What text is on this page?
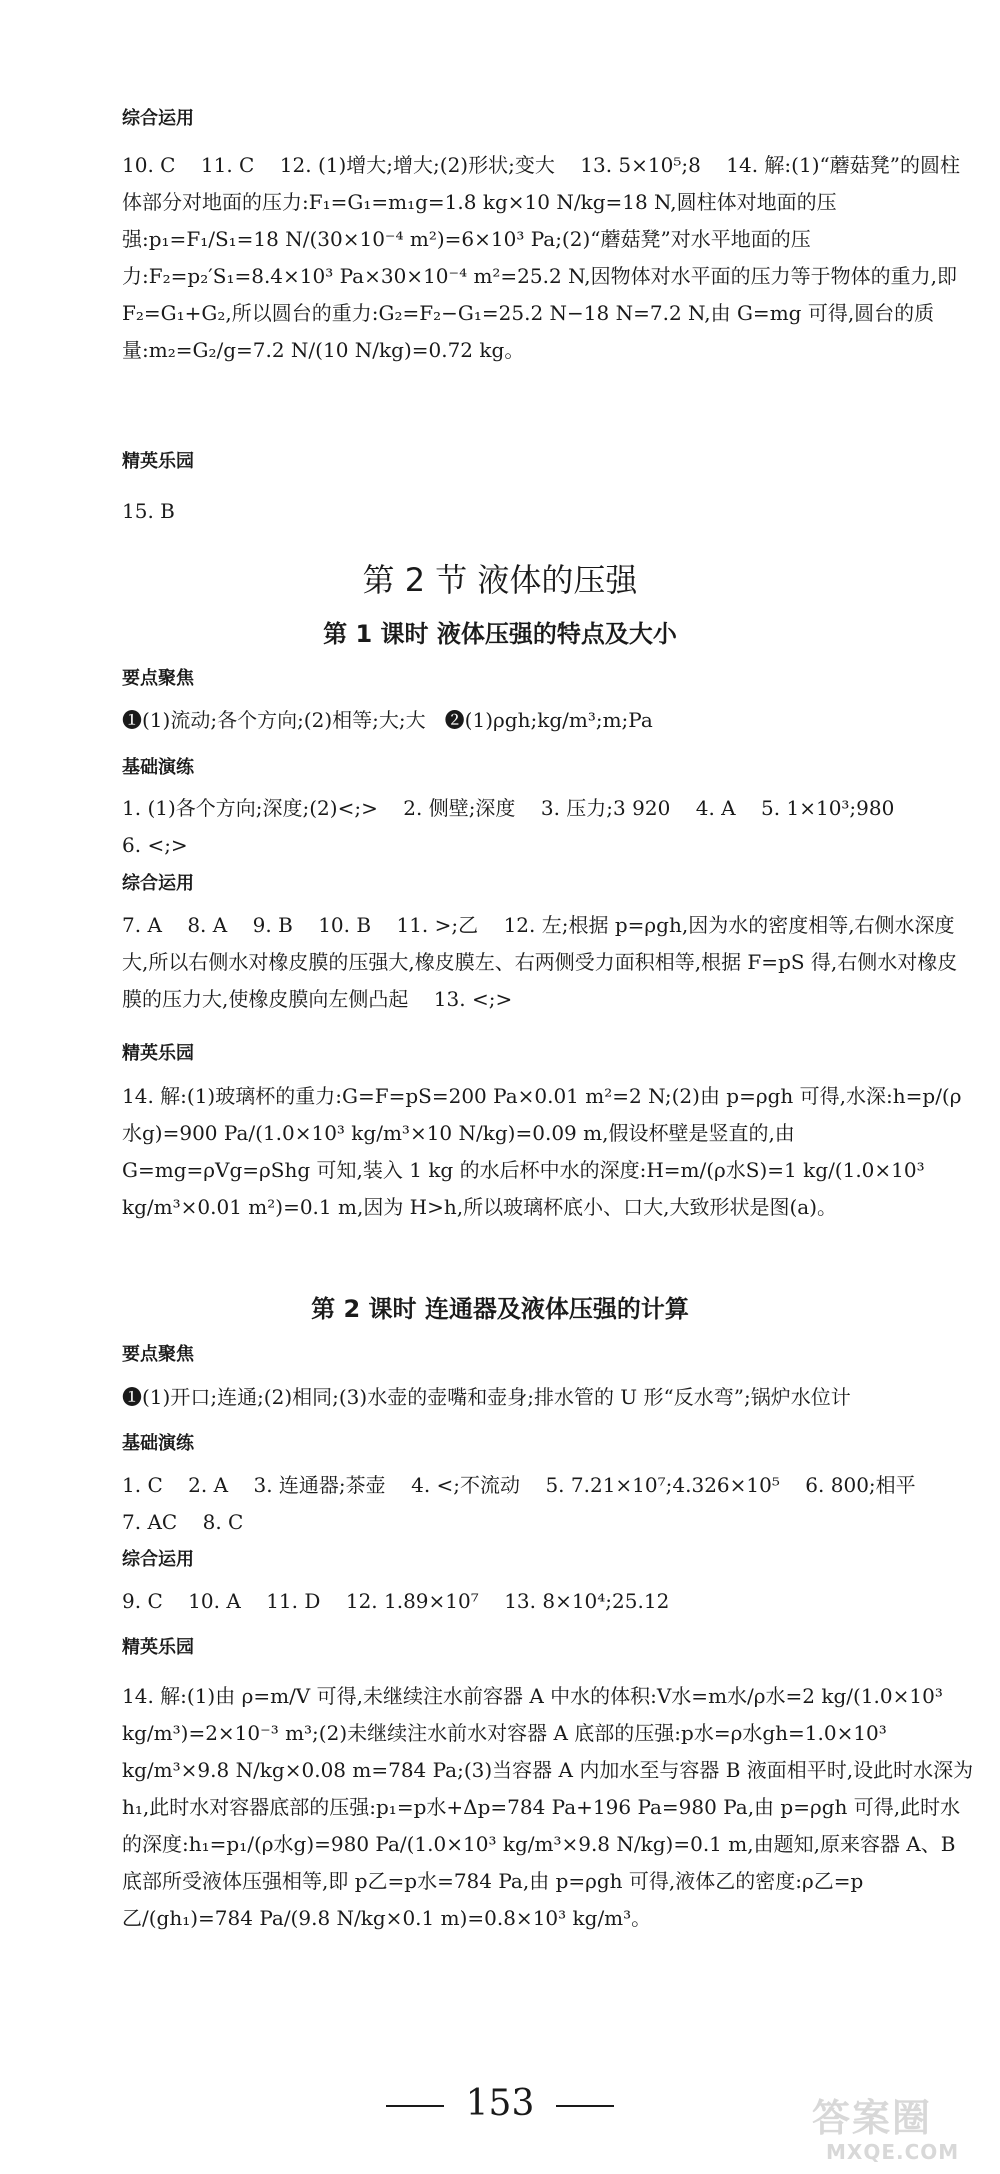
综合运用
10. C    11. C    12. (1)增大;增大;(2)形状;变大    13. 5×10⁵;8    14. 解:(1)“蘑菇凳”的圆柱体部分对地面的压力:F₁=G₁=m₁g=1.8 kg×10 N/kg=18 N,圆柱体对地面的压强:p₁=F₁/S₁=18 N/(30×10⁻⁴ m²)=6×10³ Pa;(2)“蘑菇凳”对水平地面的压力:F₂=p₂′S₁=8.4×10³ Pa×30×10⁻⁴ m²=25.2 N,因物体对水平面的压力等于物体的重力,即 F₂=G₁+G₂,所以圆台的重力:G₂=F₂−G₁=25.2 N−18 N=7.2 N,由 G=mg 可得,圆台的质量:m₂=G₂/g=7.2 N/(10 N/kg)=0.72 kg。
精英乐园
15. B
第 2 节 液体的压强
第 1 课时 液体压强的特点及大小
要点聚焦
❶(1)流动;各个方向;(2)相等;大;大   ❷(1)ρgh;kg/m³;m;Pa
基础演练
1. (1)各个方向;深度;(2)<;>    2. 侧壁;深度    3. 压力;3 920    4. A    5. 1×10³;980
6. <;>
综合运用
7. A    8. A    9. B    10. B    11. >;乙    12. 左;根据 p=ρgh,因为水的密度相等,右侧水深度大,所以右侧水对橡皮膜的压强大,橡皮膜左、右两侧受力面积相等,根据 F=pS 得,右侧水对橡皮膜的压力大,使橡皮膜向左侧凸起    13. <;>
精英乐园
14. 解:(1)玻璃杯的重力:G=F=pS=200 Pa×0.01 m²=2 N;(2)由 p=ρgh 可得,水深:h=p/(ρ水g)=900 Pa/(1.0×10³ kg/m³×10 N/kg)=0.09 m,假设杯壁是竖直的,由 G=mg=ρVg=ρShg 可知,装入 1 kg 的水后杯中水的深度:H=m/(ρ水S)=1 kg/(1.0×10³ kg/m³×0.01 m²)=0.1 m,因为 H>h,所以玻璃杯底小、口大,大致形状是图(a)。
第 2 课时 连通器及液体压强的计算
要点聚焦
❶(1)开口;连通;(2)相同;(3)水壶的壶嘴和壶身;排水管的 U 形“反水弯”;锅炉水位计
基础演练
1. C    2. A    3. 连通器;茶壶    4. <;不流动    5. 7.21×10⁷;4.326×10⁵    6. 800;相平
7. AC    8. C
综合运用
9. C    10. A    11. D    12. 1.89×10⁷    13. 8×10⁴;25.12
精英乐园
14. 解:(1)由 ρ=m/V 可得,未继续注水前容器 A 中水的体积:V水=m水/ρ水=2 kg/(1.0×10³ kg/m³)=2×10⁻³ m³;(2)未继续注水前水对容器 A 底部的压强:p水=ρ水gh=1.0×10³ kg/m³×9.8 N/kg×0.08 m=784 Pa;(3)当容器 A 内加水至与容器 B 液面相平时,设此时水深为 h₁,此时水对容器底部的压强:p₁=p水+Δp=784 Pa+196 Pa=980 Pa,由 p=ρgh 可得,此时水的深度:h₁=p₁/(ρ水g)=980 Pa/(1.0×10³ kg/m³×9.8 N/kg)=0.1 m,由题知,原来容器 A、B 底部所受液体压强相等,即 p乙=p水=784 Pa,由 p=ρgh 可得,液体乙的密度:ρ乙=p乙/(gh₁)=784 Pa/(9.8 N/kg×0.1 m)=0.8×10³ kg/m³。
153	答案圈
MXQE.COM
